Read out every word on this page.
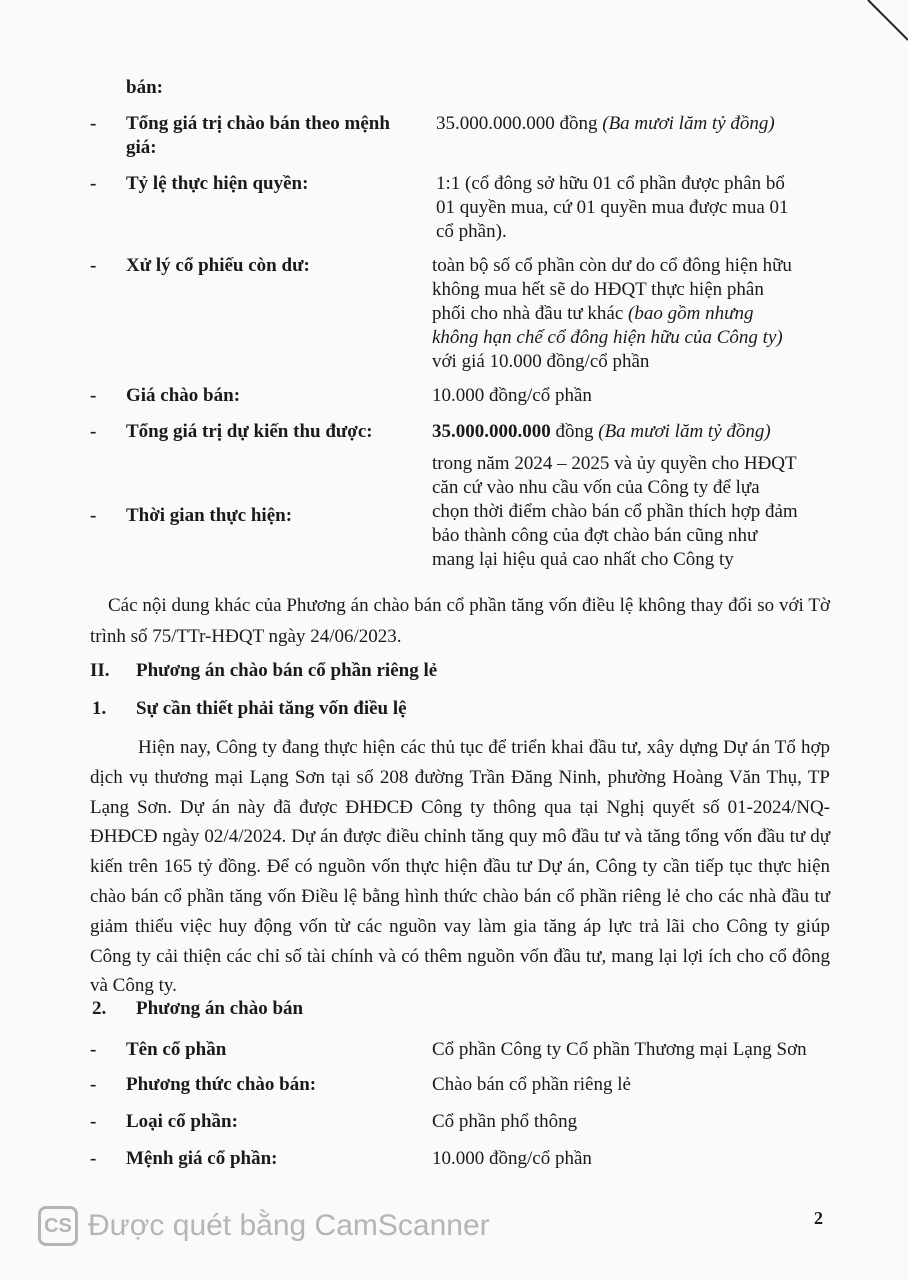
bán:
- Tổng giá trị chào bán theo mệnh
giá:
35.000.000.000 đồng (Ba mươi lăm tỷ đồng)
- Tỷ lệ thực hiện quyền:	1:1 (cổ đông sở hữu 01 cổ phần được phân bổ

01 quyền mua, cứ 01 quyền mua được mua 01

cổ phần).

- Xử lý cổ phiếu còn dư:	toàn bộ số cổ phần còn dư do cổ đông hiện hữu

không mua hết sẽ do HĐQT thực hiện phân

phối cho nhà đầu tư khác (bao gồm nhưng

không hạn chế cổ đông hiện hữu của Công ty)

với giá 10.000 đồng/cổ phần

- Giá chào bán:	10.000 đồng/cổ phần
- Tổng giá trị dự kiến thu được:	35.000.000.000 đồng (Ba mươi lăm tỷ đồng)
- Thời gian thực hiện:

trong năm 2024 – 2025 và ủy quyền cho HĐQT

căn cứ vào nhu cầu vốn của Công ty để lựa

chọn thời điểm chào bán cổ phần thích hợp đảm

bảo thành công của đợt chào bán cũng như

mang lại hiệu quả cao nhất cho Công ty

Các nội dung khác của Phương án chào bán cổ phần tăng vốn điều lệ không thay đổi so với Tờ trình số 75/TTr-HĐQT ngày 24/06/2023.
II. Phương án chào bán cổ phần riêng lẻ
1. Sự cần thiết phải tăng vốn điều lệ
Hiện nay, Công ty đang thực hiện các thủ tục để triển khai đầu tư, xây dựng Dự án Tổ hợp dịch vụ thương mại Lạng Sơn tại số 208 đường Trần Đăng Ninh, phường Hoàng Văn Thụ, TP Lạng Sơn. Dự án này đã được ĐHĐCĐ Công ty thông qua tại Nghị quyết số 01-2024/NQ-ĐHĐCĐ ngày 02/4/2024. Dự án được điều chỉnh tăng quy mô đầu tư và tăng tổng vốn đầu tư dự kiến trên 165 tỷ đồng. Để có nguồn vốn thực hiện đầu tư Dự án, Công ty cần tiếp tục thực hiện chào bán cổ phần tăng vốn Điều lệ bằng hình thức chào bán cổ phần riêng lẻ cho các nhà đầu tư giảm thiểu việc huy động vốn từ các nguồn vay làm gia tăng áp lực trả lãi cho Công ty giúp Công ty cải thiện các chỉ số tài chính và có thêm nguồn vốn đầu tư, mang lại lợi ích cho cổ đông và Công ty.
2. Phương án chào bán
- Tên cổ phần	Cổ phần Công ty Cổ phần Thương mại Lạng Sơn
- Phương thức chào bán:	Chào bán cổ phần riêng lẻ
- Loại cổ phần:	Cổ phần phổ thông
- Mệnh giá cổ phần:	10.000 đồng/cổ phần
CS Được quét bằng CamScanner	2
